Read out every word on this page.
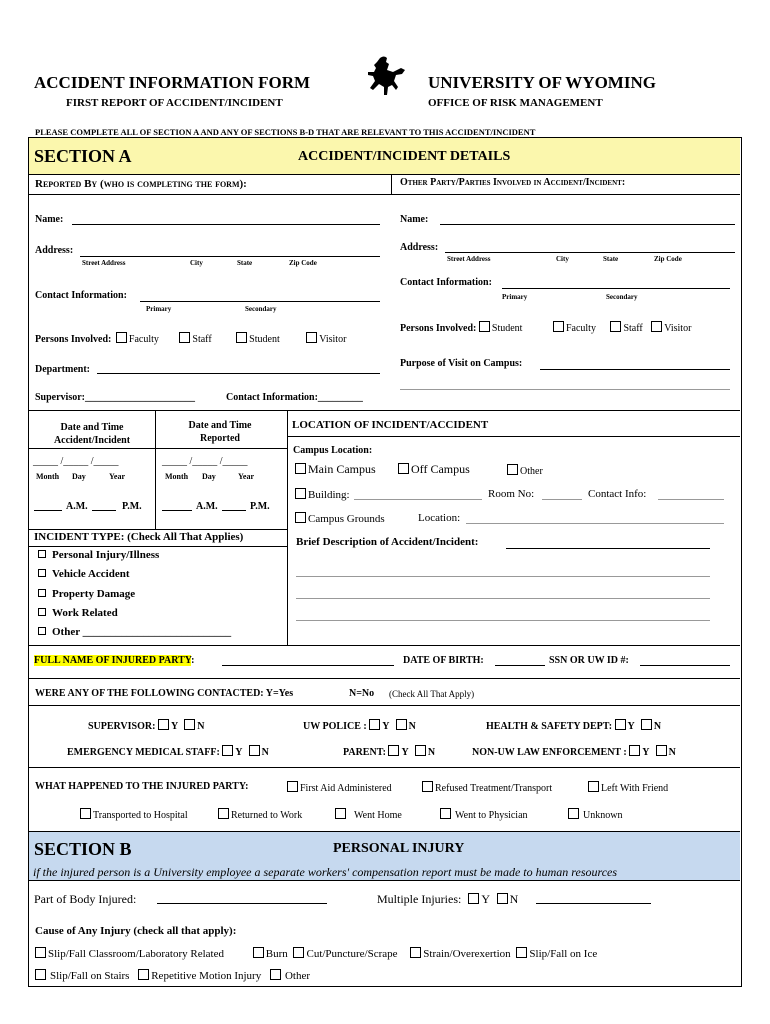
ACCIDENT INFORMATION FORM
FIRST REPORT OF ACCIDENT/INCIDENT
UNIVERSITY OF WYOMING
OFFICE OF RISK MANAGEMENT
PLEASE COMPLETE ALL OF SECTION A AND ANY OF SECTIONS B-D THAT ARE RELEVANT TO THIS ACCIDENT/INCIDENT
SECTION A	ACCIDENT/INCIDENT DETAILS
Reported By (who is completing the form):	Other Party/Parties Involved in Accident/Incident:
Name:
Address:
Street Address	City	State	Zip Code
Contact Information:
Primary	Secondary
Persons Involved: Faculty	Staff	Student	Visitor
Department:
Name:
Address:
Street Address	City	State	Zip Code
Contact Information:
Primary	Secondary
Persons Involved: Student	Faculty	Staff Visitor
Purpose of Visit on Campus:
Supervisor:______________________	Contact Information:_________
Date and Time
Accident/Incident
Date and Time
Reported
_____ /_____ /_____
Month Day	Year
_____ /_____ /_____
Month Day	Year
A.M.	P.M.	A.M.	P.M.
INCIDENT TYPE: (Check All That Applies)
Personal Injury/Illness
Vehicle Accident
Property Damage
Work Related
Other ___________________________
LOCATION OF INCIDENT/ACCIDENT
Campus Location:
Main Campus	Off Campus	Other
Building:	Room No:	Contact Info:
Campus Grounds	Location:
Brief Description of Accident/Incident:
FULL NAME OF INJURED PARTY:	DATE OF BIRTH:	SSN OR UW ID #:
WERE ANY OF THE FOLLOWING CONTACTED: Y=Yes	N=No (Check All That Apply)
SUPERVISOR: Y N	UW POLICE : Y N	HEALTH & SAFETY DEPT: Y N
EMERGENCY MEDICAL STAFF: Y N	PARENT: Y N	NON-UW LAW ENFORCEMENT : Y N
WHAT HAPPENED TO THE INJURED PARTY:	First Aid Administered	Refused Treatment/Transport	Left With Friend
Transported to Hospital	Returned to Work	Went Home	Went to Physician	Unknown
SECTION B	PERSONAL INJURY
if the injured person is a University employee a separate workers' compensation report must be made to human resources
Part of Body Injured:	Multiple Injuries: Y N
Cause of Any Injury (check all that apply):
Slip/Fall Classroom/Laboratory Related	Burn Cut/Puncture/Scrape Strain/Overexertion Slip/Fall on Ice
Slip/Fall on Stairs Repetitive Motion Injury Other
